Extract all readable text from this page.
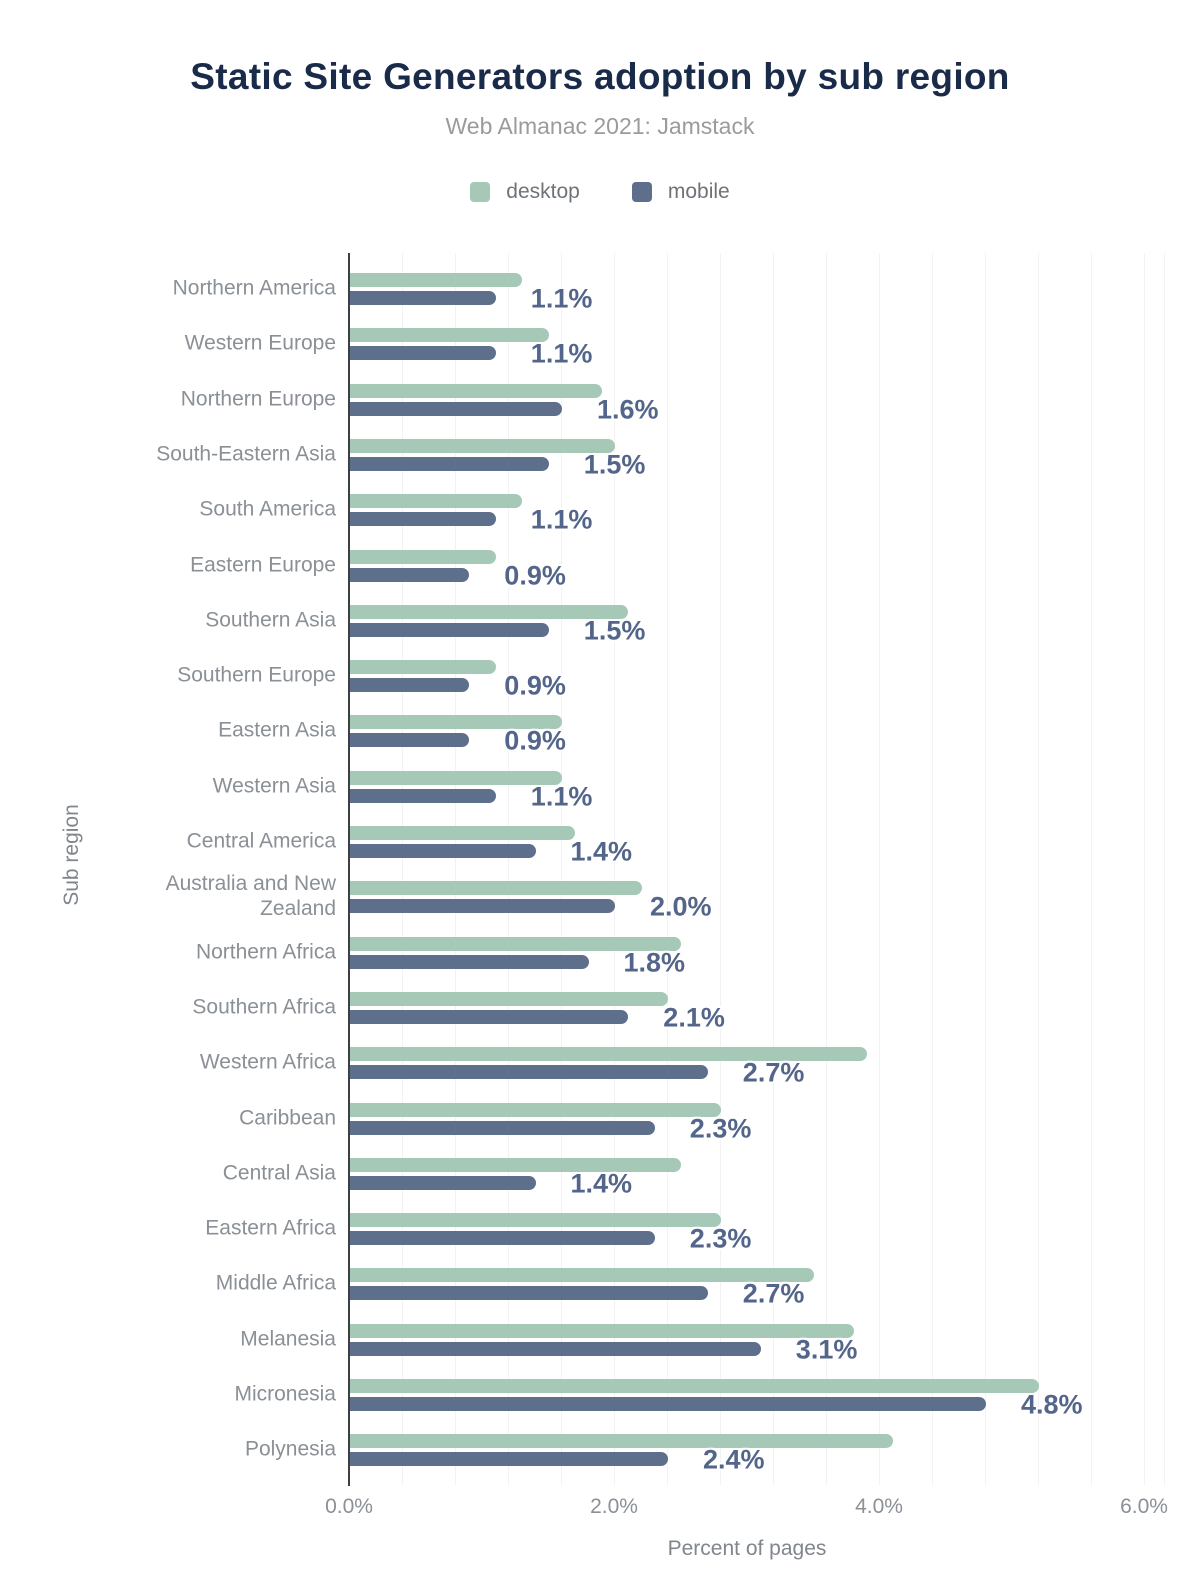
Static Site Generators adoption by sub region
Web Almanac 2021: Jamstack
desktop	mobile
Northern America	1.1%
Western Europe	1.1%
Northern Europe	1.6%
South-Eastern Asia	1.5%
South America	1.1%
Eastern Europe	0.9%
Southern Asia	1.5%
Southern Europe	0.9%
Eastern Asia	0.9%
Western Asia	1.1%
Central America	1.4%
Australia and New Zealand	2.0%
Northern Africa	1.8%
Southern Africa	2.1%
Western Africa	2.7%
Caribbean	2.3%
Central Asia	1.4%
Eastern Africa	2.3%
Middle Africa	2.7%
Melanesia	3.1%
Micronesia	4.8%
Polynesia	2.4%
0.0%	2.0%	4.0%	6.0%
Sub region
Percent of pages
